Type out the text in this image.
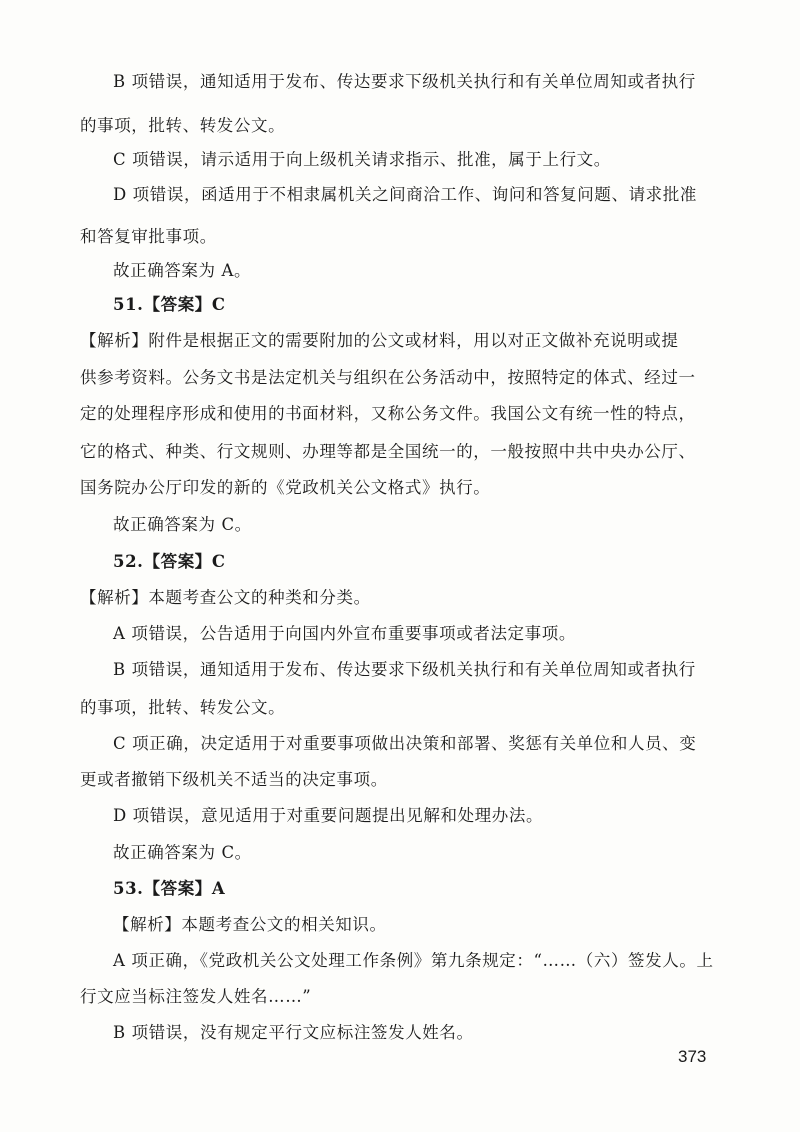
B 项错误，通知适用于发布、传达要求下级机关执行和有关单位周知或者执行
的事项，批转、转发公文。
C 项错误，请示适用于向上级机关请求指示、批准，属于上行文。
D 项错误，函适用于不相隶属机关之间商洽工作、询问和答复问题、请求批准
和答复审批事项。
故正确答案为 A。
51.【答案】C
【解析】附件是根据正文的需要附加的公文或材料，用以对正文做补充说明或提
供参考资料。公务文书是法定机关与组织在公务活动中，按照特定的体式、经过一
定的处理程序形成和使用的书面材料，又称公务文件。我国公文有统一性的特点，
它的格式、种类、行文规则、办理等都是全国统一的，一般按照中共中央办公厅、
国务院办公厅印发的新的《党政机关公文格式》执行。
故正确答案为 C。
52.【答案】C
【解析】本题考查公文的种类和分类。
A 项错误，公告适用于向国内外宣布重要事项或者法定事项。
B 项错误，通知适用于发布、传达要求下级机关执行和有关单位周知或者执行
的事项，批转、转发公文。
C 项正确，决定适用于对重要事项做出决策和部署、奖惩有关单位和人员、变
更或者撤销下级机关不适当的决定事项。
D 项错误，意见适用于对重要问题提出见解和处理办法。
故正确答案为 C。
53.【答案】A
【解析】本题考查公文的相关知识。
A 项正确，《党政机关公文处理工作条例》第九条规定：“……（六）签发人。上
行文应当标注签发人姓名……”
B 项错误，没有规定平行文应标注签发人姓名。
373
